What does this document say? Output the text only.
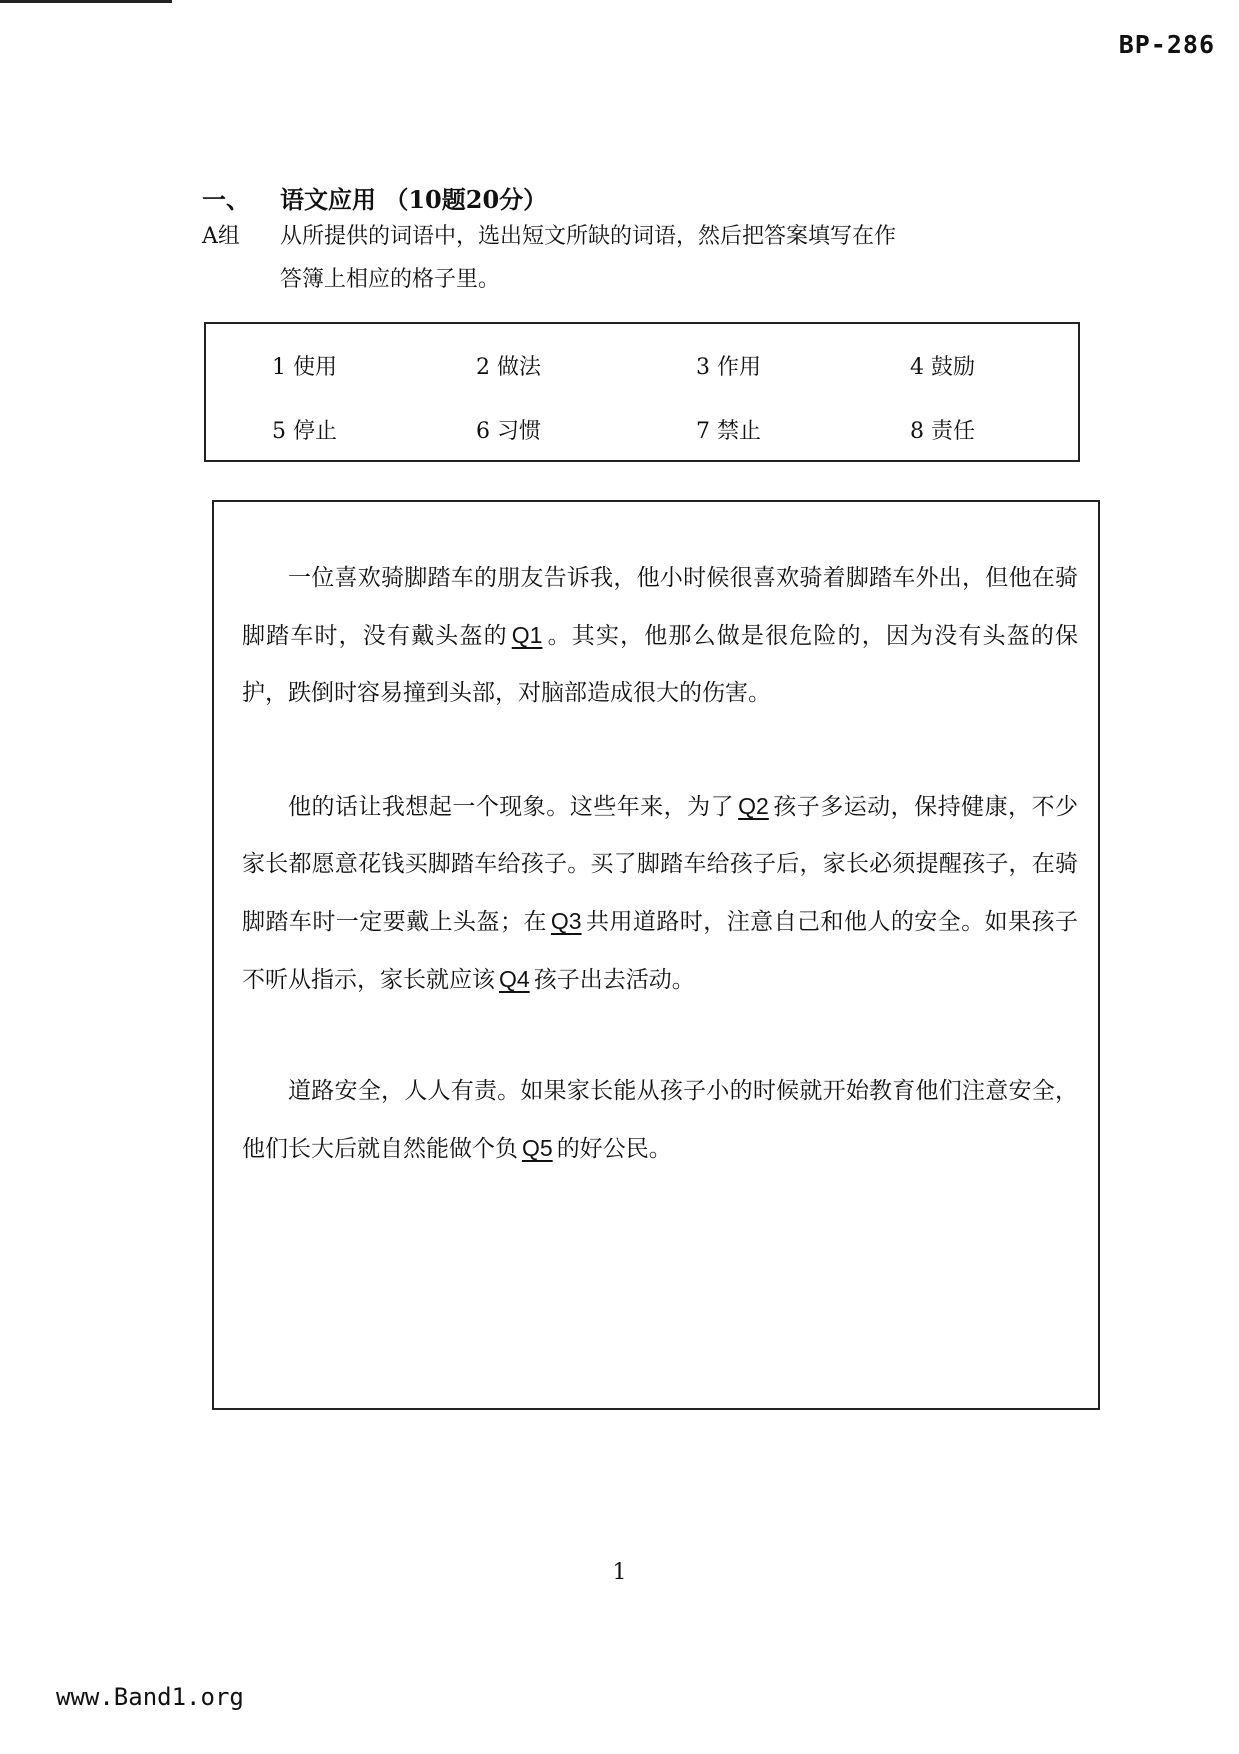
BP-286
一、 语文应用 （10题20分）
A组 从所提供的词语中，选出短文所缺的词语，然后把答案填写在作
答簿上相应的格子里。
1 使用	2 做法	3 作用	4 鼓励
5 停止	6 习惯	7 禁止	8 责任

一位喜欢骑脚踏车的朋友告诉我，他小时候很喜欢骑着脚踏车外出，但他在骑脚踏车时，没有戴头盔的 Q1 。其实，他那么做是很危险的，因为没有头盔的保护，跌倒时容易撞到头部，对脑部造成很大的伤害。

他的话让我想起一个现象。这些年来，为了 Q2 孩子多运动，保持健康，不少家长都愿意花钱买脚踏车给孩子。买了脚踏车给孩子后，家长必须提醒孩子，在骑脚踏车时一定要戴上头盔；在 Q3 共用道路时，注意自己和他人的安全。如果孩子不听从指示，家长就应该 Q4 孩子出去活动。

道路安全，人人有责。如果家长能从孩子小的时候就开始教育他们注意安全，他们长大后就自然能做个负 Q5 的好公民。

1
www.Band1.org
